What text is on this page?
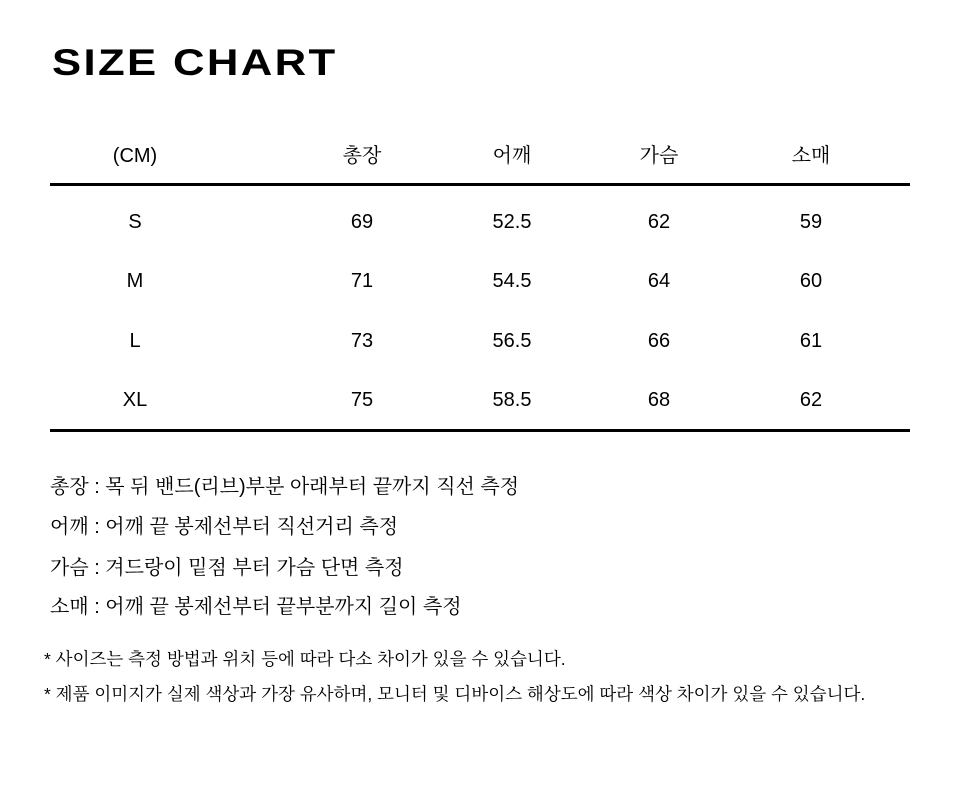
SIZE CHART
(CM)	총장	어깨	가슴	소매
S	69	52.5	62	59
M	71	54.5	64	60
L	73	56.5	66	61
XL	75	58.5	68	62
총장 : 목 뒤 밴드(리브)부분 아래부터 끝까지 직선 측정
어깨 : 어깨 끝 봉제선부터 직선거리 측정
가슴 : 겨드랑이 밑점 부터 가슴 단면 측정
소매 : 어깨 끝 봉제선부터 끝부분까지 길이 측정
* 사이즈는 측정 방법과 위치 등에 따라 다소 차이가 있을 수 있습니다.
* 제품 이미지가 실제 색상과 가장 유사하며, 모니터 및 디바이스 해상도에 따라 색상 차이가 있을 수 있습니다.
